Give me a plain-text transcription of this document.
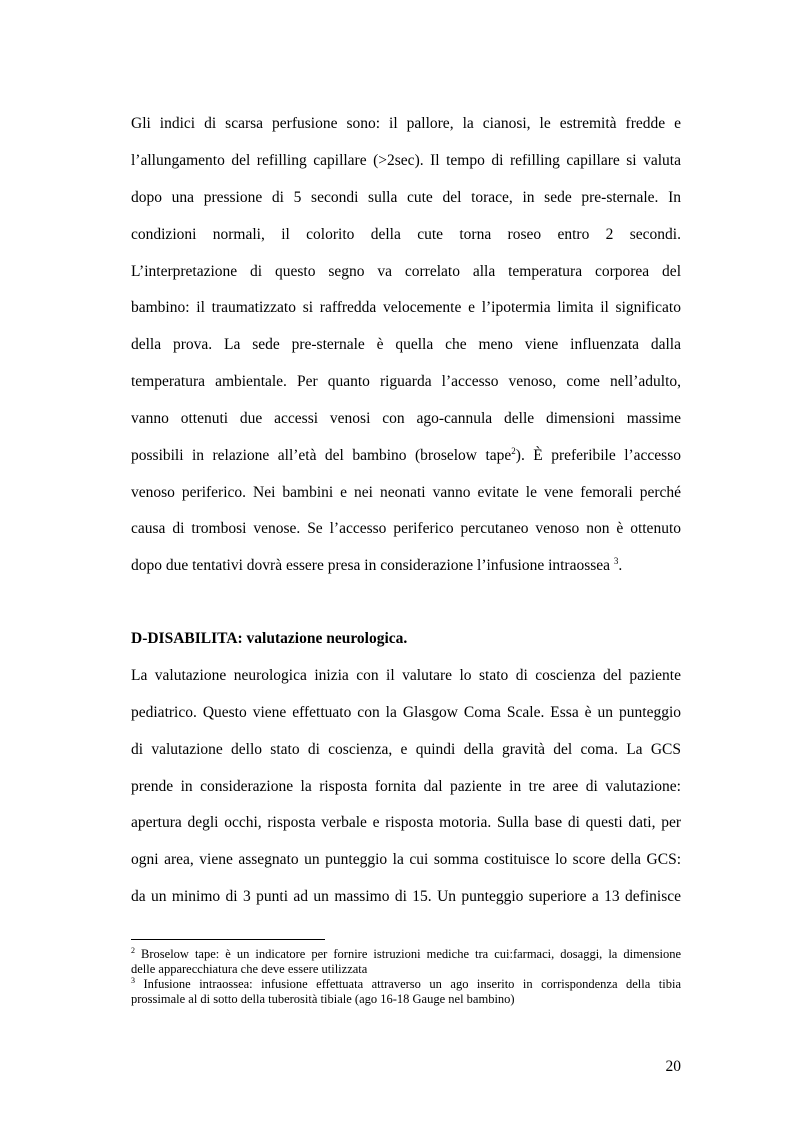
Gli indici di scarsa perfusione sono: il pallore, la cianosi, le estremità fredde e
l’allungamento del refilling capillare (>2sec). Il tempo di refilling capillare si valuta
dopo una pressione di 5 secondi sulla cute del torace, in sede pre-sternale. In
condizioni normali, il colorito della cute torna roseo entro 2 secondi.
L’interpretazione di questo segno va correlato alla temperatura corporea del
bambino: il traumatizzato si raffredda velocemente e l’ipotermia limita il significato
della prova. La sede pre-sternale è quella che meno viene influenzata dalla
temperatura ambientale. Per quanto riguarda l’accesso venoso, come nell’adulto,
vanno ottenuti due accessi venosi con ago-cannula delle dimensioni massime
possibili in relazione all’età del bambino (broselow tape$^2$). È preferibile l’accesso
venoso periferico. Nei bambini e nei neonati vanno evitate le vene femorali perché
causa di trombosi venose. Se l’accesso periferico percutaneo venoso non è ottenuto
dopo due tentativi dovrà essere presa in considerazione l’infusione intraossea $^3$.
D-DISABILITA: valutazione neurologica.
La valutazione neurologica inizia con il valutare lo stato di coscienza del paziente
pediatrico. Questo viene effettuato con la Glasgow Coma Scale. Essa è un punteggio
di valutazione dello stato di coscienza, e quindi della gravità del coma. La GCS
prende in considerazione la risposta fornita dal paziente in tre aree di valutazione:
apertura degli occhi, risposta verbale e risposta motoria. Sulla base di questi dati, per
ogni area, viene assegnato un punteggio la cui somma costituisce lo score della GCS:
da un minimo di 3 punti ad un massimo di 15. Un punteggio superiore a 13 definisce
$^2$ Broselow tape: è un indicatore per fornire istruzioni mediche tra cui:farmaci, dosaggi, la dimensione
delle apparecchiatura che deve essere utilizzata
$^3$ Infusione intraossea: infusione effettuata attraverso un ago inserito in corrispondenza della tibia
prossimale al di sotto della tuberosità tibiale (ago 16-18 Gauge nel bambino)
20
